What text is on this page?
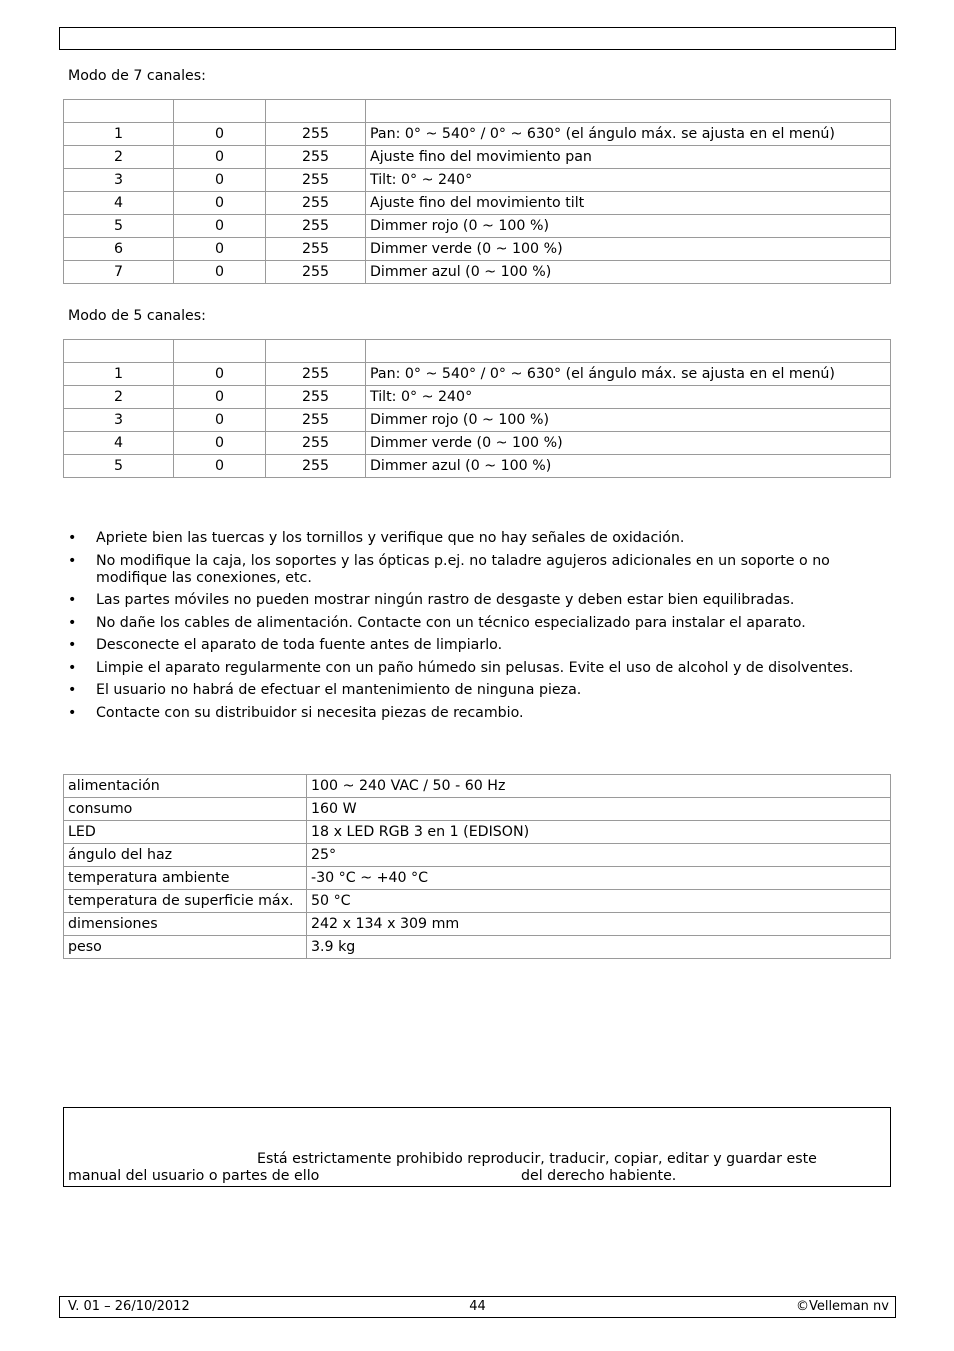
Modo de 7 canales:

1	0	255	Pan: 0° ~ 540° / 0° ~ 630° (el ángulo máx. se ajusta en el menú)
2	0	255	Ajuste fino del movimiento pan
3	0	255	Tilt: 0° ~ 240°
4	0	255	Ajuste fino del movimiento tilt
5	0	255	Dimmer rojo (0 ~ 100 %)
6	0	255	Dimmer verde (0 ~ 100 %)
7	0	255	Dimmer azul (0 ~ 100 %)
Modo de 5 canales:

1	0	255	Pan: 0° ~ 540° / 0° ~ 630° (el ángulo máx. se ajusta en el menú)
2	0	255	Tilt: 0° ~ 240°
3	0	255	Dimmer rojo (0 ~ 100 %)
4	0	255	Dimmer verde (0 ~ 100 %)
5	0	255	Dimmer azul (0 ~ 100 %)
• Apriete bien las tuercas y los tornillos y verifique que no hay señales de oxidación.
• No modifique la caja, los soportes y las ópticas p.ej. no taladre agujeros adicionales en un soporte o no modifique las conexiones, etc.
• Las partes móviles no pueden mostrar ningún rastro de desgaste y deben estar bien equilibradas.
• No dañe los cables de alimentación. Contacte con un técnico especializado para instalar el aparato.
• Desconecte el aparato de toda fuente antes de limpiarlo.
• Limpie el aparato regularmente con un paño húmedo sin pelusas. Evite el uso de alcohol y de disolventes.
• El usuario no habrá de efectuar el mantenimiento de ninguna pieza.
• Contacte con su distribuidor si necesita piezas de recambio.
alimentación	100 ~ 240 VAC / 50 - 60 Hz
consumo	160 W
LED	18 x LED RGB 3 en 1 (EDISON)
ángulo del haz	25°
temperatura ambiente	-30 °C ~ +40 °C
temperatura de superficie máx.	50 °C
dimensiones	242 x 134 x 309 mm
peso	3.9 kg
Está estrictamente prohibido reproducir, traducir, copiar, editar y guardar este
manual del usuario o partes de ello	del derecho habiente.
V. 01 – 26/10/2012	44	©Velleman nv
